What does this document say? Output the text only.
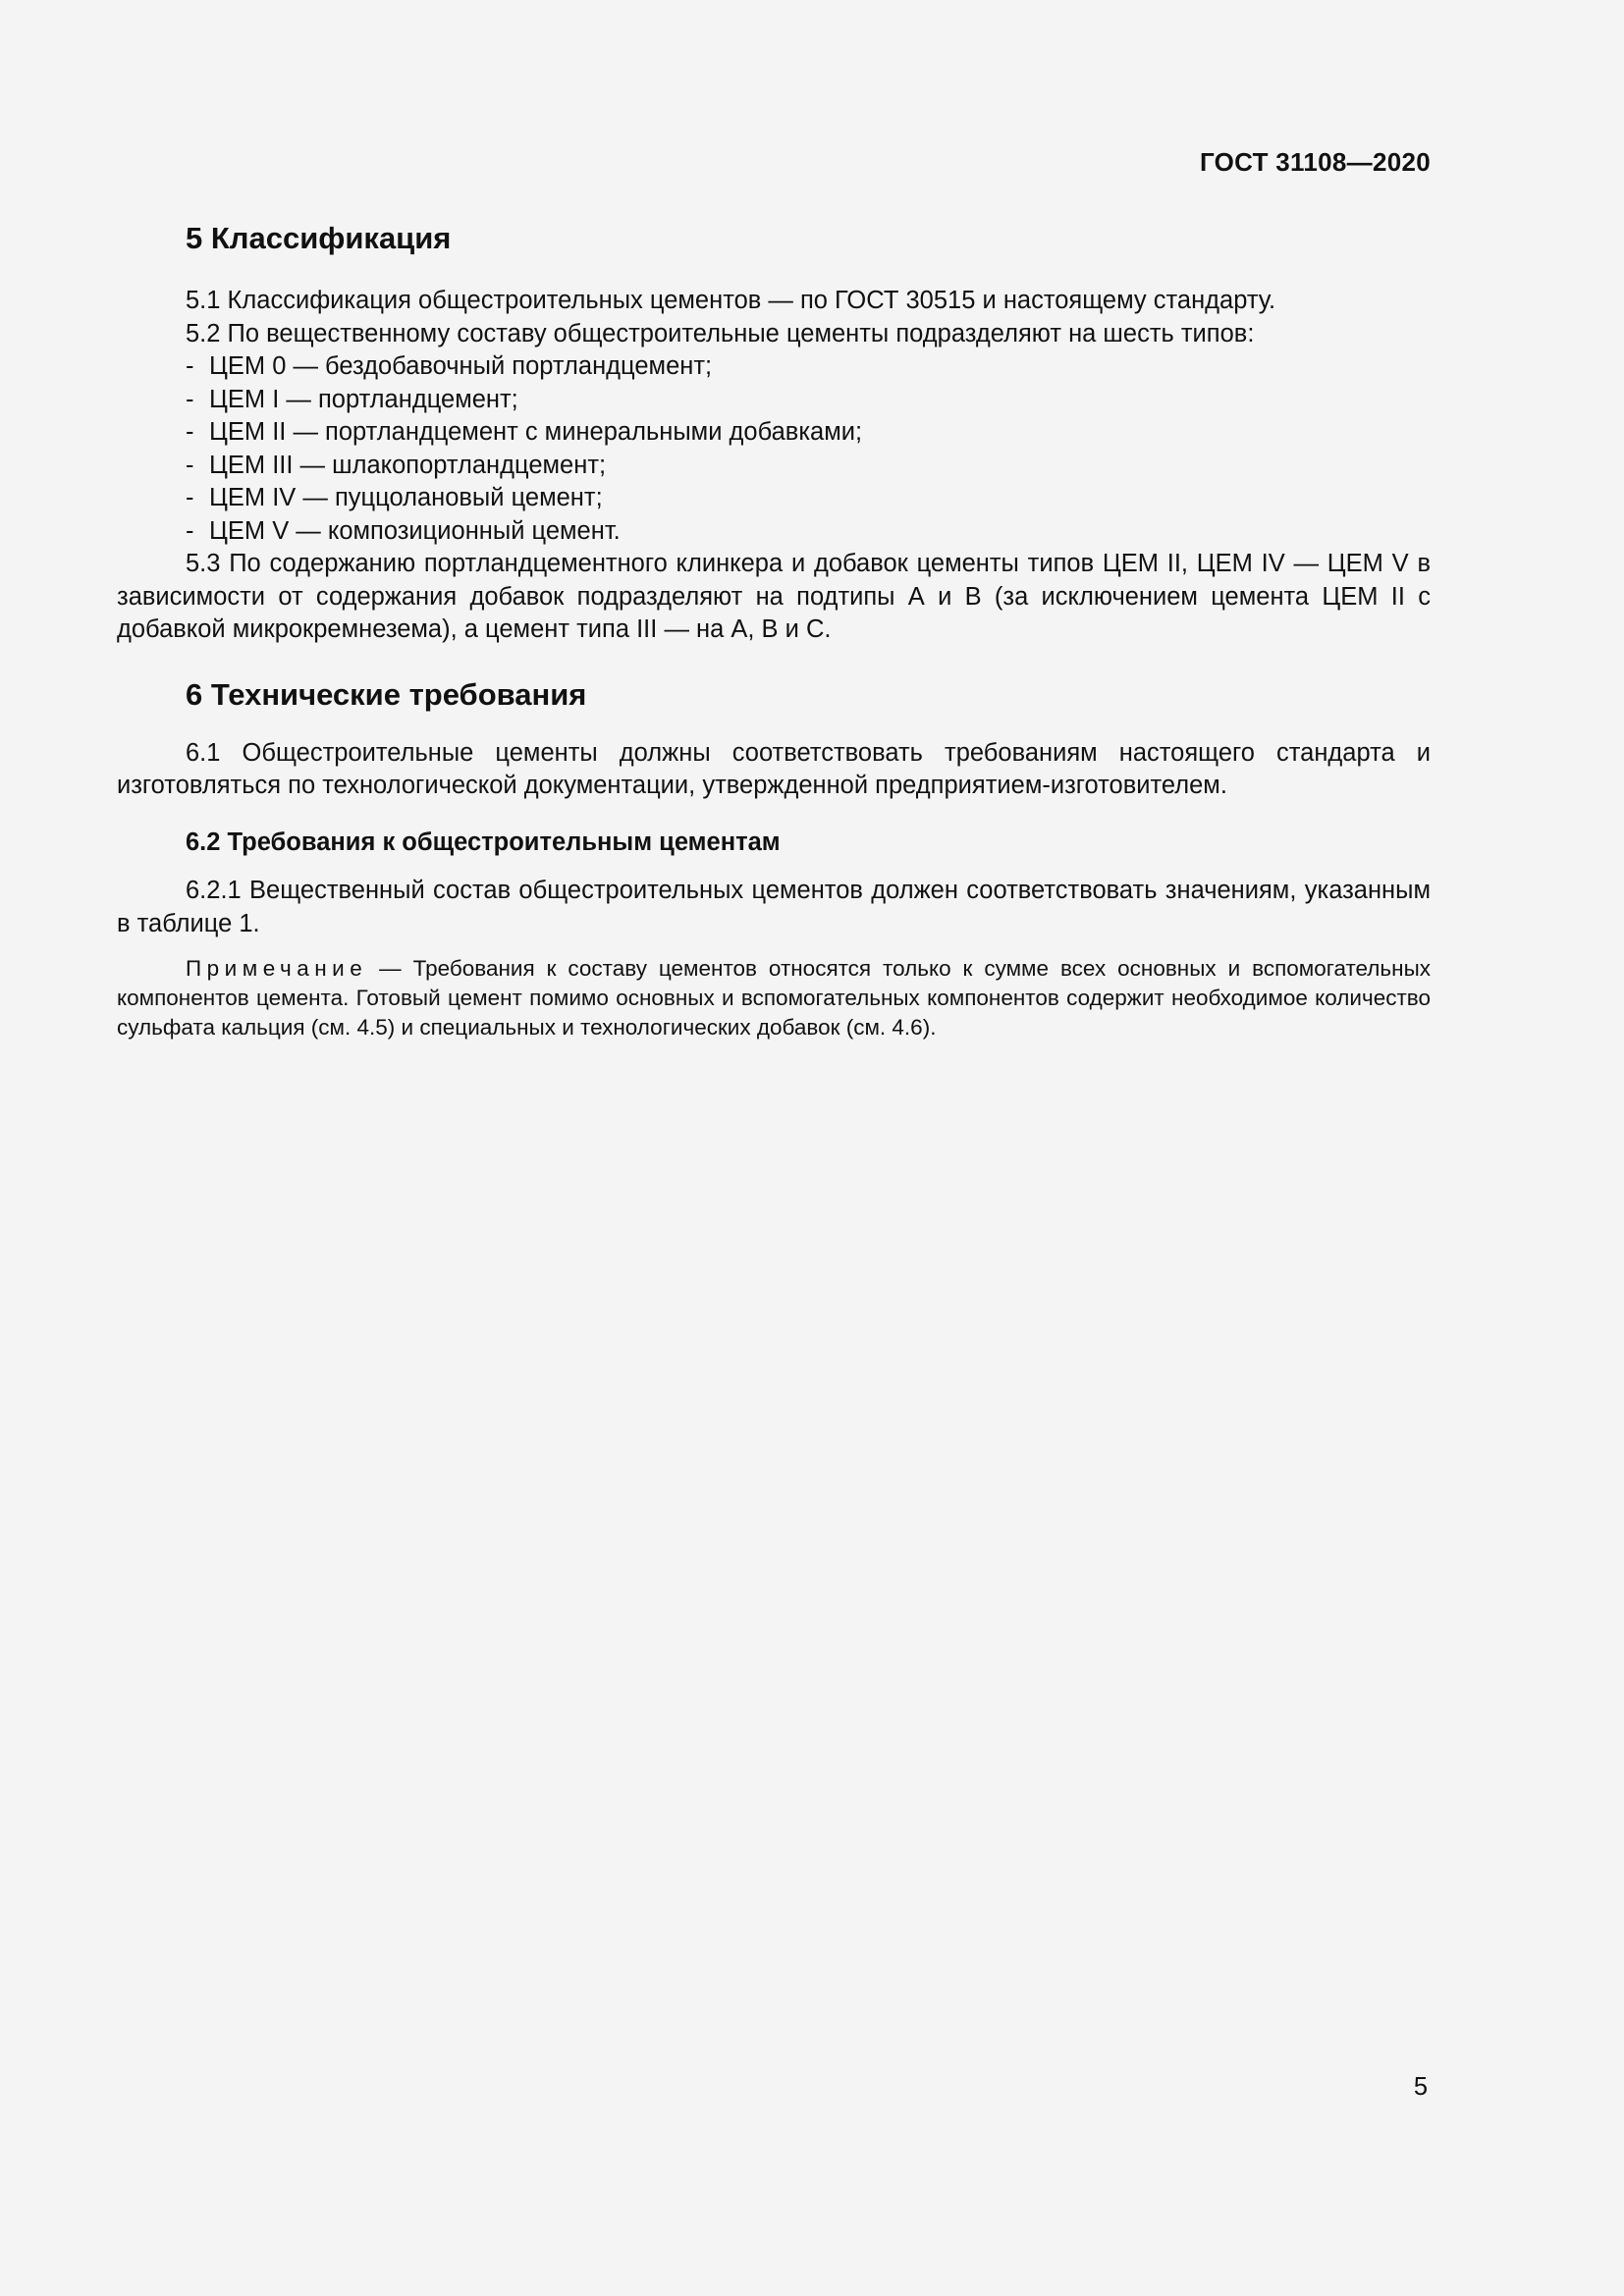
ГОСТ 31108—2020
5 Классификация

5.1 Классификация общестроительных цементов — по ГОСТ 30515 и настоящему стандарту.

5.2 По вещественному составу общестроительные цементы подразделяют на шесть типов:

- ЦЕМ 0 — бездобавочный портландцемент;
- ЦЕМ I — портландцемент;
- ЦЕМ II — портландцемент с минеральными добавками;
- ЦЕМ III — шлакопортландцемент;
- ЦЕМ IV — пуццолановый цемент;
- ЦЕМ V — композиционный цемент.

5.3 По содержанию портландцементного клинкера и добавок цементы типов ЦЕМ II, ЦЕМ IV — ЦЕМ V в зависимости от содержания добавок подразделяют на подтипы А и В (за исключением цемента ЦЕМ II с добавкой микрокремнезема), а цемент типа III — на А, В и С.

6 Технические требования

6.1 Общестроительные цементы должны соответствовать требованиям настоящего стандарта и изготовляться по технологической документации, утвержденной предприятием-изготовителем.

6.2 Требования к общестроительным цементам

6.2.1 Вещественный состав общестроительных цементов должен соответствовать значениям, указанным в таблице 1.

Примечание — Требования к составу цементов относятся только к сумме всех основных и вспомогательных компонентов цемента. Готовый цемент помимо основных и вспомогательных компонентов содержит необходимое количество сульфата кальция (см. 4.5) и специальных и технологических добавок (см. 4.6).

5
